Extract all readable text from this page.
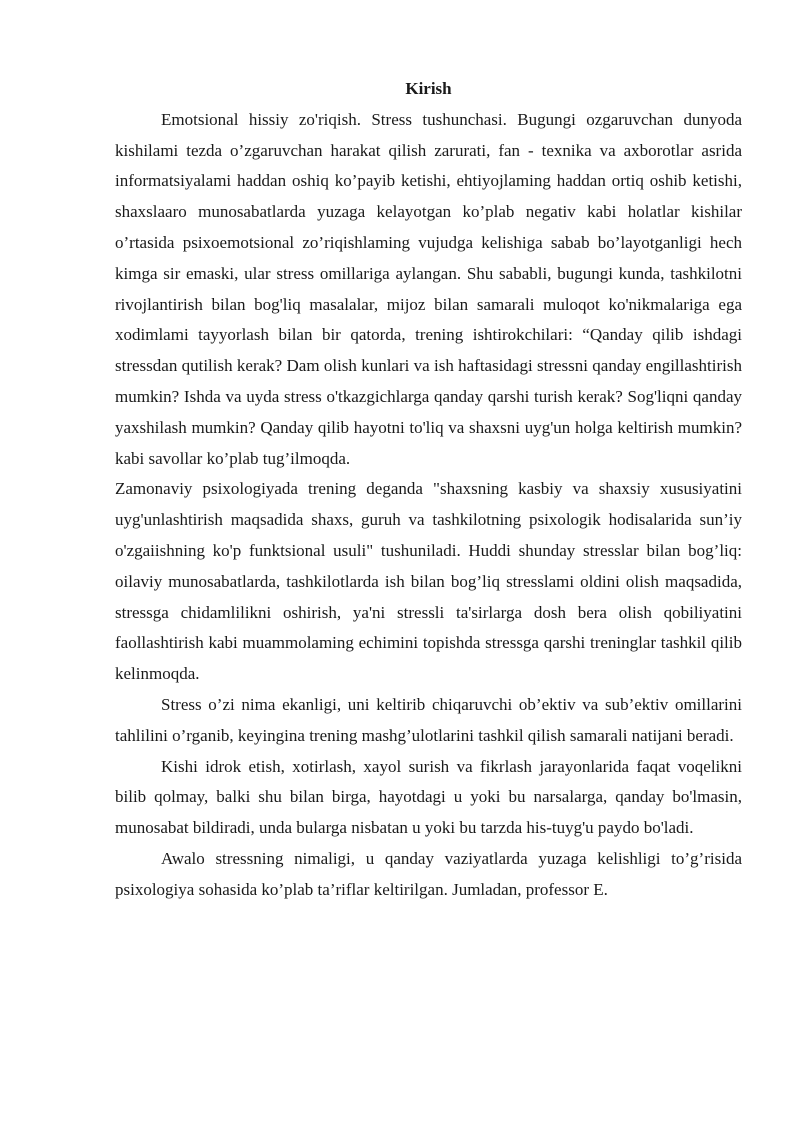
Kirish

Emotsional hissiy zo'riqish. Stress tushunchasi. Bugungi ozgaruvchan dunyoda kishilami tezda o’zgaruvchan harakat qilish zarurati, fan - texnika va axborotlar asrida informatsiyalami haddan oshiq ko’payib ketishi, ehtiyojlaming haddan ortiq oshib ketishi, shaxslaaro munosabatlarda yuzaga kelayotgan ko’plab negativ kabi holatlar kishilar o’rtasida psixoemotsional zo’riqishlaming vujudga kelishiga sabab bo’layotganligi hech kimga sir emaski, ular stress omillariga aylangan. Shu sababli, bugungi kunda, tashkilotni rivojlantirish bilan bog'liq masalalar, mijoz bilan samarali muloqot ko'nikmalariga ega xodimlami tayyorlash bilan bir qatorda, trening ishtirokchilari: “Qanday qilib ishdagi stressdan qutilish kerak? Dam olish kunlari va ish haftasidagi stressni qanday engillashtirish mumkin? Ishda va uyda stress o'tkazgichlarga qanday qarshi turish kerak? Sog'liqni qanday yaxshilash mumkin? Qanday qilib hayotni to'liq va shaxsni uyg'un holga keltirish mumkin? kabi savollar ko’plab tug’ilmoqda.

Zamonaviy psixologiyada trening deganda "shaxsning kasbiy va shaxsiy xususiyatini uyg'unlashtirish maqsadida shaxs, guruh va tashkilotning psixologik hodisalarida sun’iy o'zgaiishning ko'p funktsional usuli" tushuniladi. Huddi shunday stresslar bilan bog’liq: oilaviy munosabatlarda, tashkilotlarda ish bilan bog’liq stresslami oldini olish maqsadida, stressga chidamlilikni oshirish, ya'ni stressli ta'sirlarga dosh bera olish qobiliyatini faollashtirish kabi muammolaming echimini topishda stressga qarshi treninglar tashkil qilib kelinmoqda.

Stress o’zi nima ekanligi, uni keltirib chiqaruvchi ob’ektiv va sub’ektiv omillarini tahlilini o’rganib, keyingina trening mashg’ulotlarini tashkil qilish samarali natijani beradi.

Kishi idrok etish, xotirlash, xayol surish va fikrlash jarayonlarida faqat voqelikni bilib qolmay, balki shu bilan birga, hayotdagi u yoki bu narsalarga, qanday bo'lmasin, munosabat bildiradi, unda bularga nisbatan u yoki bu tarzda his-tuyg'u paydo bo'ladi.

Awalo stressning nimaligi, u qanday vaziyatlarda yuzaga kelishligi to’g’risida psixologiya sohasida ko’plab ta’riflar keltirilgan. Jumladan, professor E.
